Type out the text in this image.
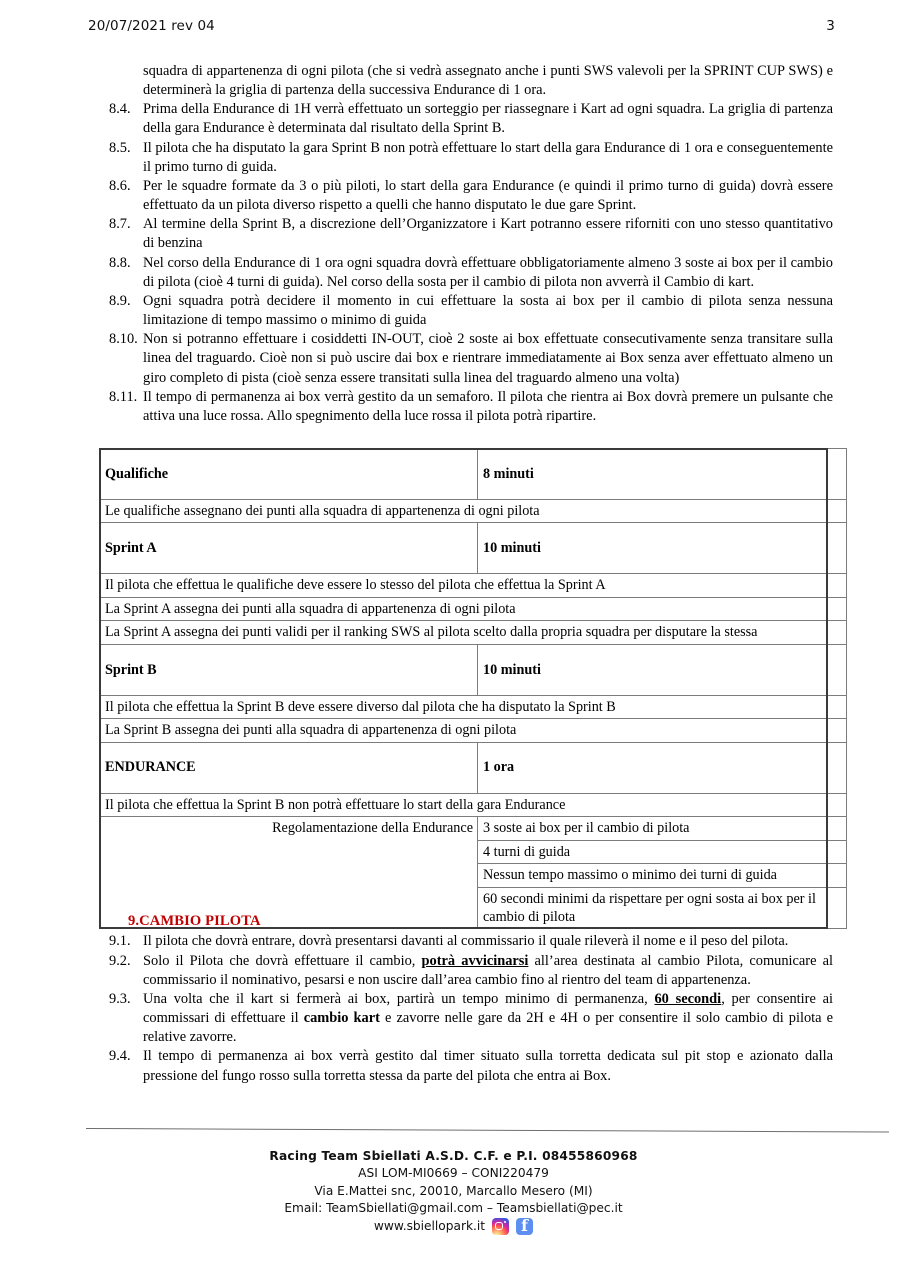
20/07/2021 rev 04	3

squadra di appartenenza di ogni pilota (che si vedrà assegnato anche i punti SWS valevoli per la SPRINT CUP SWS) e determinerà la griglia di partenza della successiva Endurance di 1 ora.

8.4. Prima della Endurance di 1H verrà effettuato un sorteggio per riassegnare i Kart ad ogni squadra. La griglia di partenza della gara Endurance è determinata dal risultato della Sprint B.
8.5. Il pilota che ha disputato la gara Sprint B non potrà effettuare lo start della gara Endurance di 1 ora e conseguentemente il primo turno di guida.
8.6. Per le squadre formate da 3 o più piloti, lo start della gara Endurance (e quindi il primo turno di guida) dovrà essere effettuato da un pilota diverso rispetto a quelli che hanno disputato le due gare Sprint.
8.7. Al termine della Sprint B, a discrezione dell’Organizzatore i Kart potranno essere riforniti con uno stesso quantitativo di benzina
8.8. Nel corso della Endurance di 1 ora ogni squadra dovrà effettuare obbligatoriamente almeno 3 soste ai box per il cambio di pilota (cioè 4 turni di guida). Nel corso della sosta per il cambio di pilota non avverrà il Cambio di kart.
8.9. Ogni squadra potrà decidere il momento in cui effettuare la sosta ai box per il cambio di pilota senza nessuna limitazione di tempo massimo o minimo di guida
8.10. Non si potranno effettuare i cosiddetti IN-OUT, cioè 2 soste ai box effettuate consecutivamente senza transitare sulla linea del traguardo. Cioè non si può uscire dai box e rientrare immediatamente ai Box senza aver effettuato almeno un giro completo di pista (cioè senza essere transitati sulla linea del traguardo almeno una volta)
8.11. Il tempo di permanenza ai box verrà gestito da un semaforo. Il pilota che rientra ai Box dovrà premere un pulsante che attiva una luce rossa. Allo spegnimento della luce rossa il pilota potrà ripartire.
Qualifiche	8 minuti
Le qualifiche assegnano dei punti alla squadra di appartenenza di ogni pilota	
Sprint A	10 minuti
Il pilota che effettua le qualifiche deve essere lo stesso del pilota che effettua la Sprint A	
La Sprint A assegna dei punti alla squadra di appartenenza di ogni pilota	
La Sprint A assegna dei punti validi per il ranking SWS al pilota scelto dalla propria squadra per disputare la stessa	
Sprint B	10 minuti
Il pilota che effettua la Sprint B deve essere diverso dal pilota che ha disputato la Sprint B	
La Sprint B assegna dei punti alla squadra di appartenenza di ogni pilota	
ENDURANCE	1 ora
Il pilota che effettua la Sprint B non potrà effettuare lo start della gara Endurance	
Regolamentazione della Endurance	3 soste ai box per il cambio di pilota
	4 turni di guida
	Nessun tempo massimo o minimo dei turni di guida
	60 secondi minimi da rispettare per ogni sosta ai box per il cambio di pilota
9.CAMBIO PILOTA
9.1. Il pilota che dovrà entrare, dovrà presentarsi davanti al commissario il quale rileverà il nome e il peso del pilota.
9.2. Solo il Pilota che dovrà effettuare il cambio, potrà avvicinarsi all’area destinata al cambio Pilota, comunicare al commissario il nominativo, pesarsi e non uscire dall’area cambio fino al rientro del team di appartenenza.
9.3. Una volta che il kart si fermerà ai box, partirà un tempo minimo di permanenza, 60 secondi, per consentire ai commissari di effettuare il cambio kart e zavorre nelle gare da 2H e 4H o per consentire il solo cambio di pilota e relative zavorre.
9.4. Il tempo di permanenza ai box verrà gestito dal timer situato sulla torretta dedicata sul pit stop e azionato dalla pressione del fungo rosso sulla torretta stessa da parte del pilota che entra ai Box.
Racing Team Sbiellati A.S.D. C.F. e P.I. 08455860968
ASI LOM-MI0669 – CONI220479
Via E.Mattei snc, 20010, Marcallo Mesero (MI)
Email: TeamSbiellati@gmail.com – Teamsbiellati@pec.it
www.sbiellopark.it
f
